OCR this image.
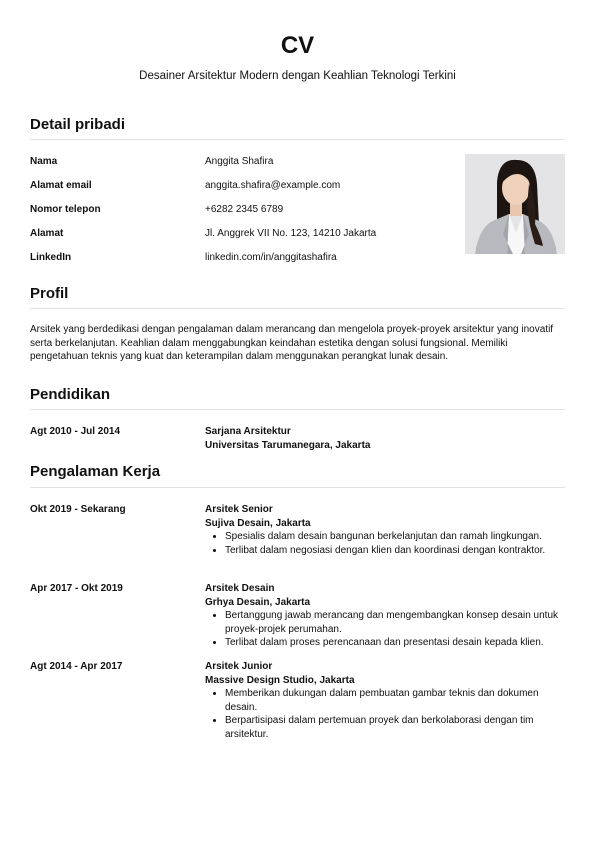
CV
Desainer Arsitektur Modern dengan Keahlian Teknologi Terkini
Detail pribadi
Nama	Anggita Shafira
Alamat email	anggita.shafira@example.com
Nomor telepon	+6282 2345 6789
Alamat	Jl. Anggrek VII No. 123, 14210 Jakarta
LinkedIn	linkedin.com/in/anggitashafira
Profil
Arsitek yang berdedikasi dengan pengalaman dalam merancang dan mengelola proyek-proyek arsitektur yang inovatif serta berkelanjutan. Keahlian dalam menggabungkan keindahan estetika dengan solusi fungsional. Memiliki pengetahuan teknis yang kuat dan keterampilan dalam menggunakan perangkat lunak desain.
Pendidikan
Agt 2010 - Jul 2014	Sarjana Arsitektur
Universitas Tarumanegara, Jakarta
Pengalaman Kerja
Okt 2019 - Sekarang	Arsitek Senior
Sujiva Desain, Jakarta
• Spesialis dalam desain bangunan berkelanjutan dan ramah lingkungan.
• Terlibat dalam negosiasi dengan klien dan koordinasi dengan kontraktor.
Apr 2017 - Okt 2019	Arsitek Desain
Grhya Desain, Jakarta
• Bertanggung jawab merancang dan mengembangkan konsep desain untuk proyek-projek perumahan.
• Terlibat dalam proses perencanaan dan presentasi desain kepada klien.
Agt 2014 - Apr 2017	Arsitek Junior
Massive Design Studio, Jakarta
• Memberikan dukungan dalam pembuatan gambar teknis dan dokumen desain.
• Berpartisipasi dalam pertemuan proyek dan berkolaborasi dengan tim arsitektur.
